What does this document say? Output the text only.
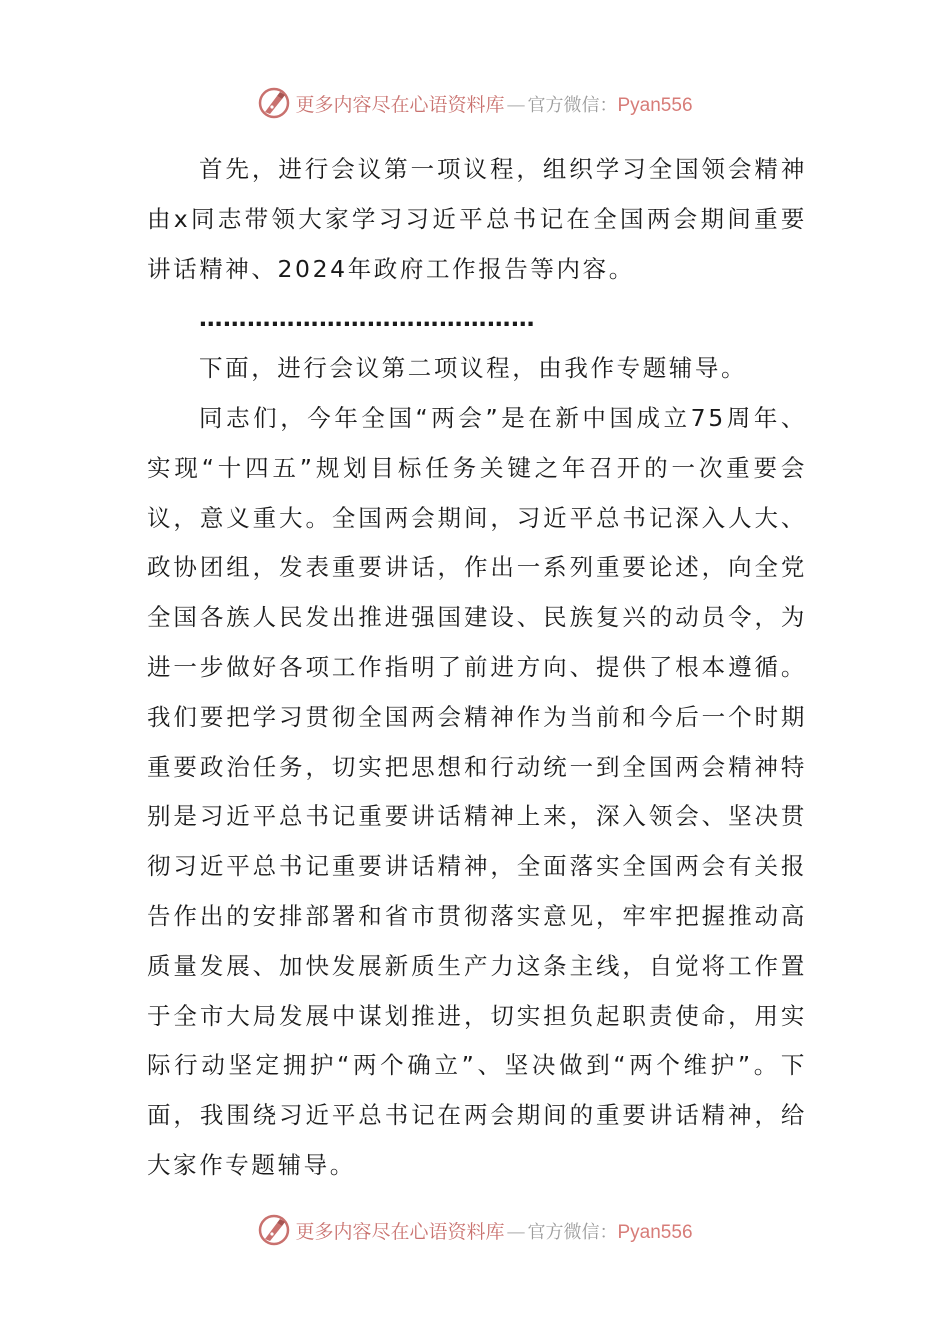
更多内容尽在心语资料库 — 官方微信：Pyan556

首先，进行会议第一项议程，组织学习全国领会精神由x同志带领大家学习习近平总书记在全国两会期间重要讲话精神、2024年政府工作报告等内容。

……………………………………

下面，进行会议第二项议程，由我作专题辅导。

同志们，今年全国“两会”是在新中国成立75周年、实现“十四五”规划目标任务关键之年召开的一次重要会议，意义重大。全国两会期间，习近平总书记深入人大、政协团组，发表重要讲话，作出一系列重要论述，向全党全国各族人民发出推进强国建设、民族复兴的动员令，为进一步做好各项工作指明了前进方向、提供了根本遵循。我们要把学习贯彻全国两会精神作为当前和今后一个时期重要政治任务，切实把思想和行动统一到全国两会精神特别是习近平总书记重要讲话精神上来，深入领会、坚决贯彻习近平总书记重要讲话精神，全面落实全国两会有关报告作出的安排部署和省市贯彻落实意见，牢牢把握推动高质量发展、加快发展新质生产力这条主线，自觉将工作置于全市大局发展中谋划推进，切实担负起职责使命，用实际行动坚定拥护“两个确立”、坚决做到“两个维护”。下面，我围绕习近平总书记在两会期间的重要讲话精神，给大家作专题辅导。

更多内容尽在心语资料库 — 官方微信：Pyan556
